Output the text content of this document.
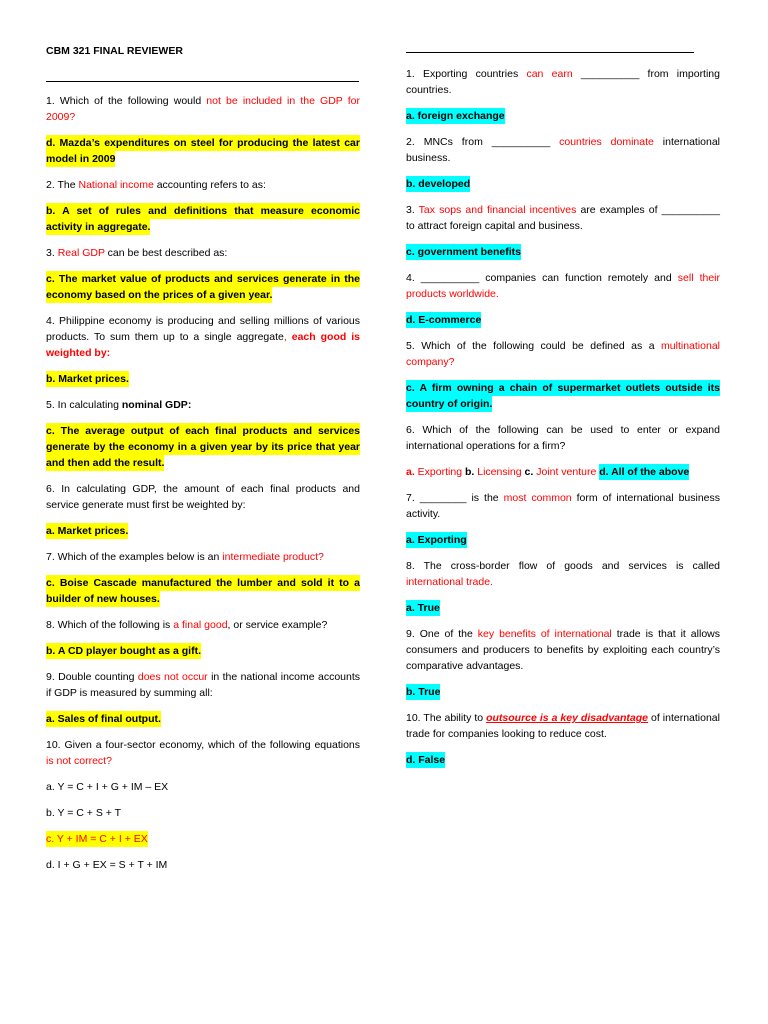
CBM 321 FINAL REVIEWER

1. Which of the following would not be included in the GDP for 2009?

d. Mazda’s expenditures on steel for producing the latest car model in 2009

2. The National income accounting refers to as:

b. A set of rules and definitions that measure economic activity in aggregate.

3. Real GDP can be best described as:

c. The market value of products and services generate in the economy based on the prices of a given year.

4. Philippine economy is producing and selling millions of various products. To sum them up to a single aggregate, each good is weighted by:

b. Market prices.

5. In calculating nominal GDP:

c. The average output of each final products and services generate by the economy in a given year by its price that year and then add the result.

6. In calculating GDP, the amount of each final products and service generate must first be weighted by:

a. Market prices.

7. Which of the examples below is an intermediate product?

c. Boise Cascade manufactured the lumber and sold it to a builder of new houses.

8. Which of the following is a final good, or service example?

b. A CD player bought as a gift.

9. Double counting does not occur in the national income accounts if GDP is measured by summing all:

a. Sales of final output.

10. Given a four-sector economy, which of the following equations is not correct?

a. Y = C + I + G + IM – EX

b. Y = C + S + T

c. Y + IM = C + I + EX

d. I + G + EX = S + T + IM

1. Exporting countries can earn __________ from importing countries.

a. foreign exchange

2. MNCs from __________ countries dominate international business.

b. developed

3. Tax sops and financial incentives are examples of __________ to attract foreign capital and business.

c. government benefits

4. __________ companies can function remotely and sell their products worldwide.

d. E-commerce

5. Which of the following could be defined as a multinational company?

c. A firm owning a chain of supermarket outlets outside its country of origin.

6. Which of the following can be used to enter or expand international operations for a firm?

a. Exporting b. Licensing c. Joint venture d. All of the above

7. ________ is the most common form of international business activity.

a. Exporting

8. The cross-border flow of goods and services is called international trade.

a. True

9. One of the key benefits of international trade is that it allows consumers and producers to benefits by exploiting each country’s comparative advantages.

b. True

10. The ability to outsource is a key disadvantage of international trade for companies looking to reduce cost.

d. False
